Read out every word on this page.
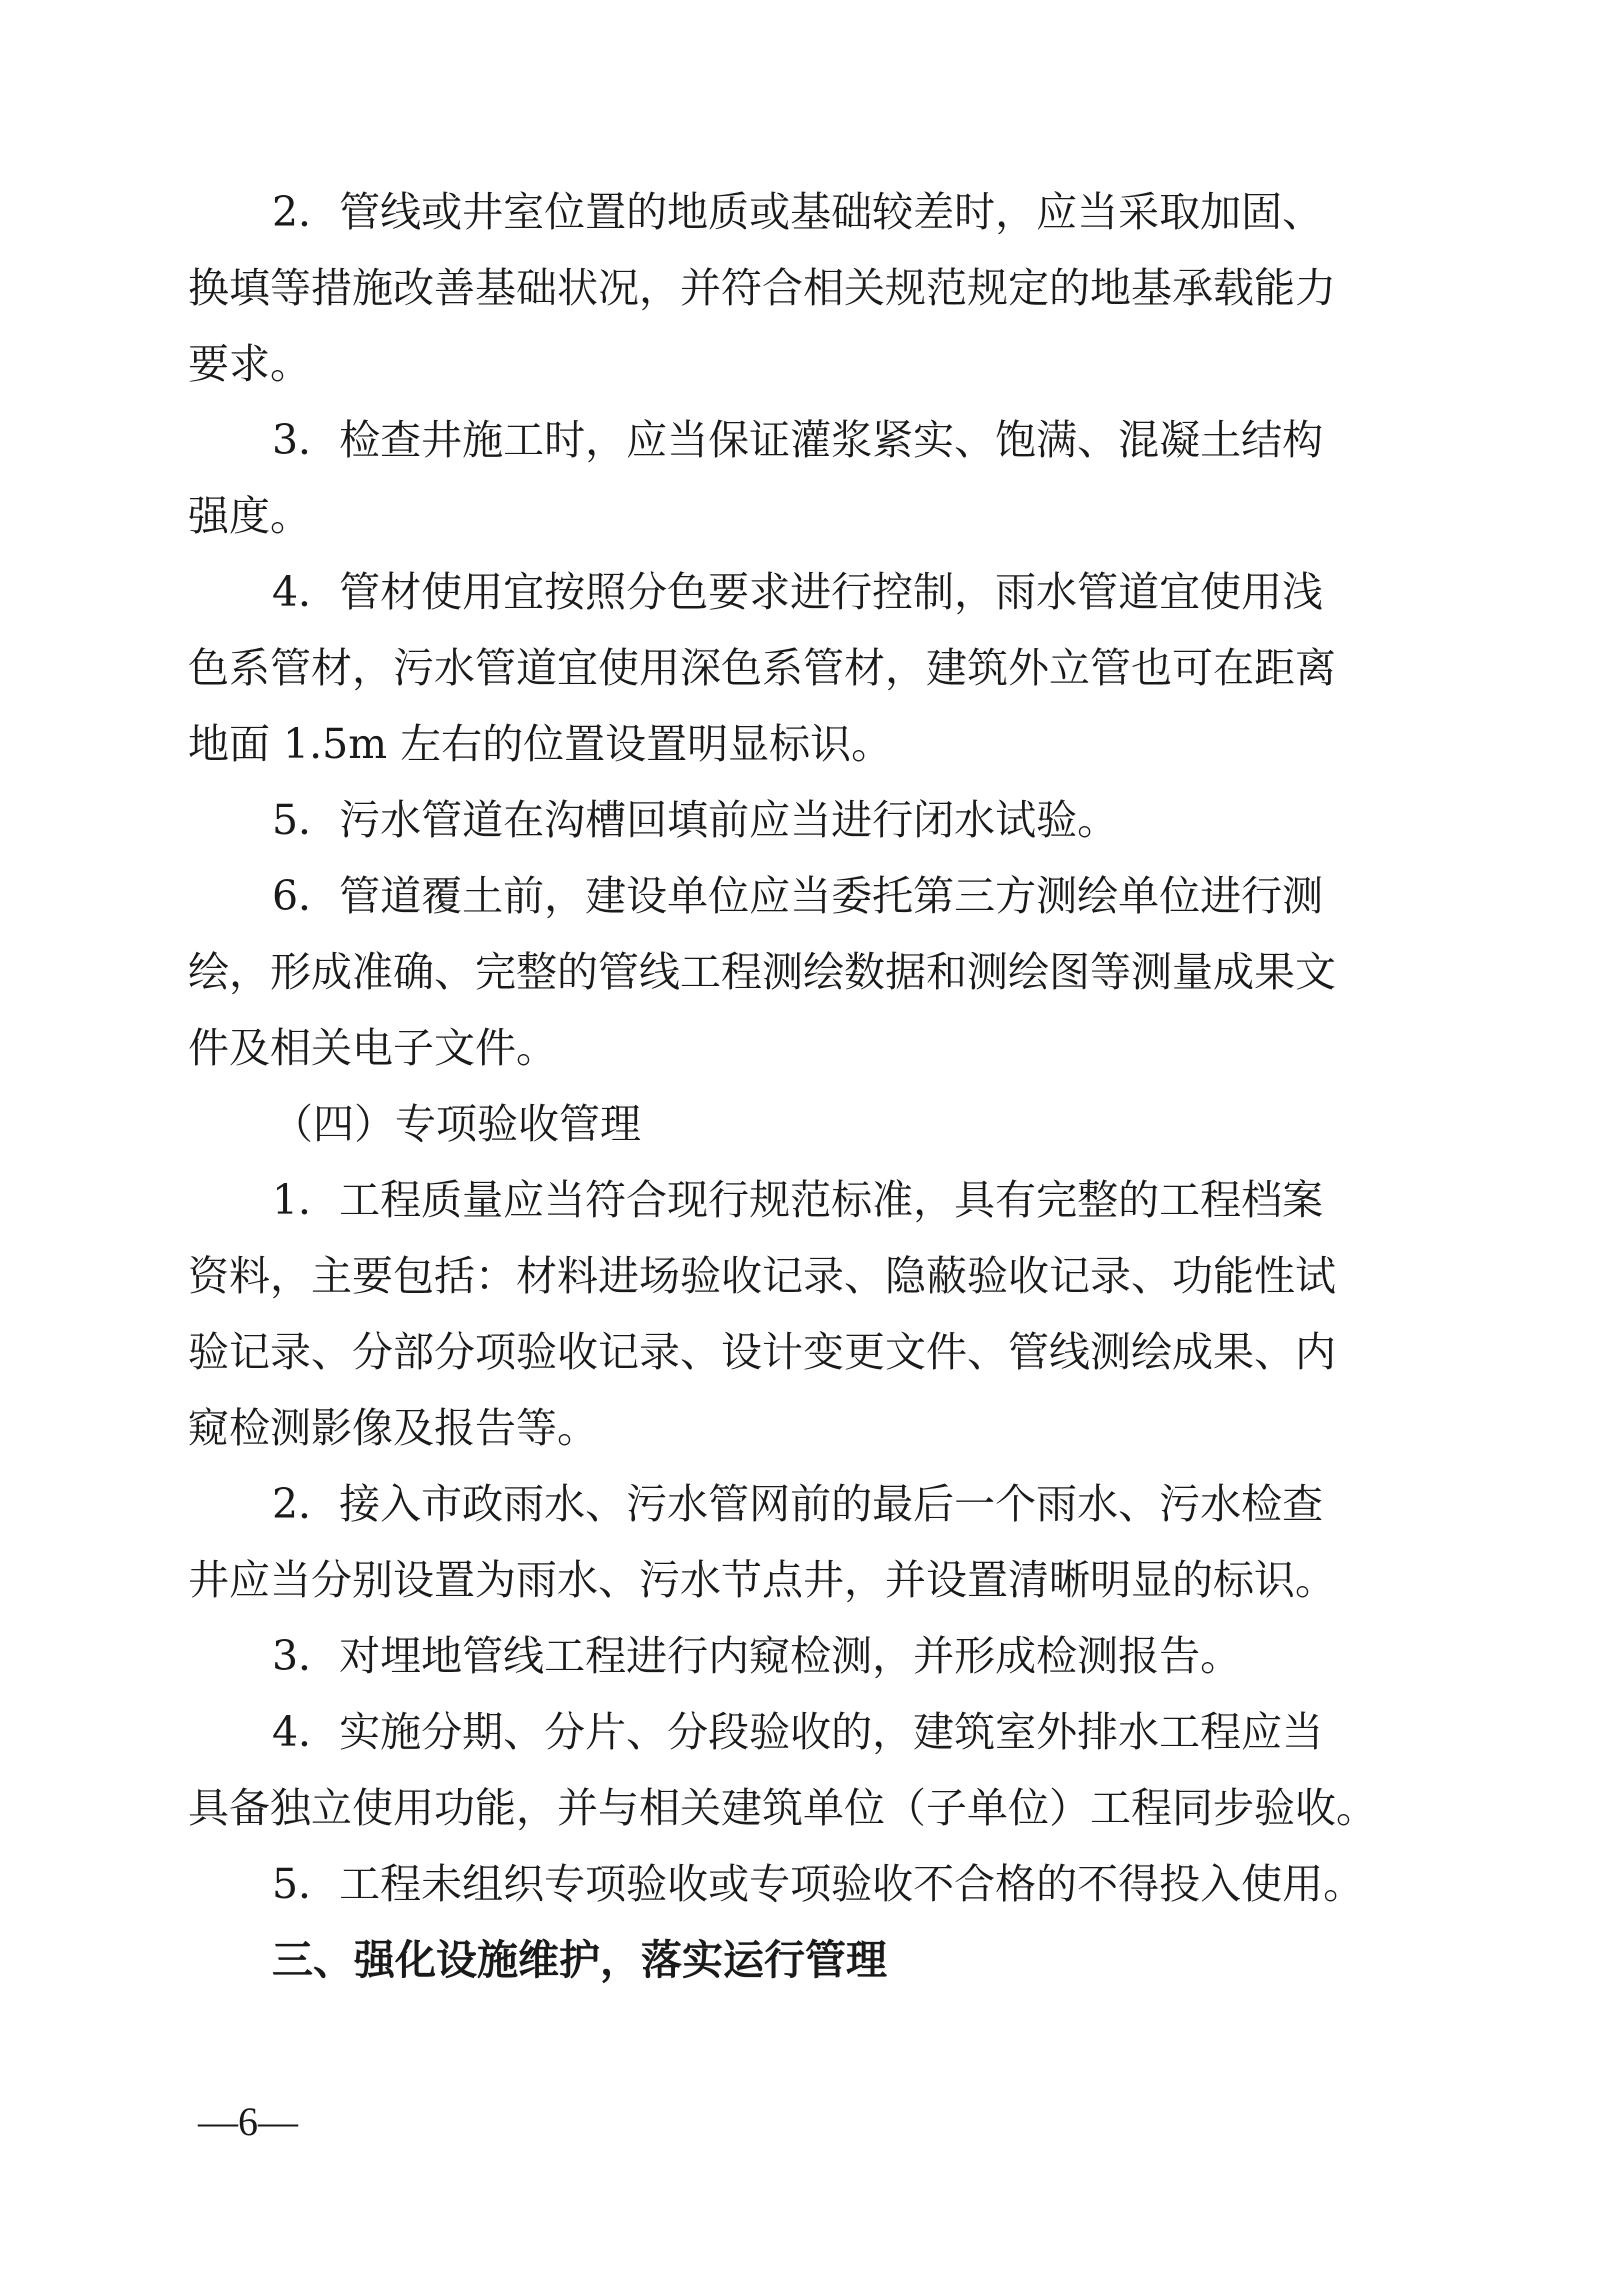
2．管线或井室位置的地质或基础较差时，应当采取加固、
换填等措施改善基础状况，并符合相关规范规定的地基承载能力
要求。
3．检查井施工时，应当保证灌浆紧实、饱满、混凝土结构
强度。
4．管材使用宜按照分色要求进行控制，雨水管道宜使用浅
色系管材，污水管道宜使用深色系管材，建筑外立管也可在距离
地面 1.5m 左右的位置设置明显标识。
5．污水管道在沟槽回填前应当进行闭水试验。
6．管道覆土前，建设单位应当委托第三方测绘单位进行测
绘，形成准确、完整的管线工程测绘数据和测绘图等测量成果文
件及相关电子文件。
（四）专项验收管理
1．工程质量应当符合现行规范标准，具有完整的工程档案
资料，主要包括：材料进场验收记录、隐蔽验收记录、功能性试
验记录、分部分项验收记录、设计变更文件、管线测绘成果、内
窥检测影像及报告等。
2．接入市政雨水、污水管网前的最后一个雨水、污水检查
井应当分别设置为雨水、污水节点井，并设置清晰明显的标识。
3．对埋地管线工程进行内窥检测，并形成检测报告。
4．实施分期、分片、分段验收的，建筑室外排水工程应当
具备独立使用功能，并与相关建筑单位（子单位）工程同步验收。
5．工程未组织专项验收或专项验收不合格的不得投入使用。
三、强化设施维护，落实运行管理
—6—
